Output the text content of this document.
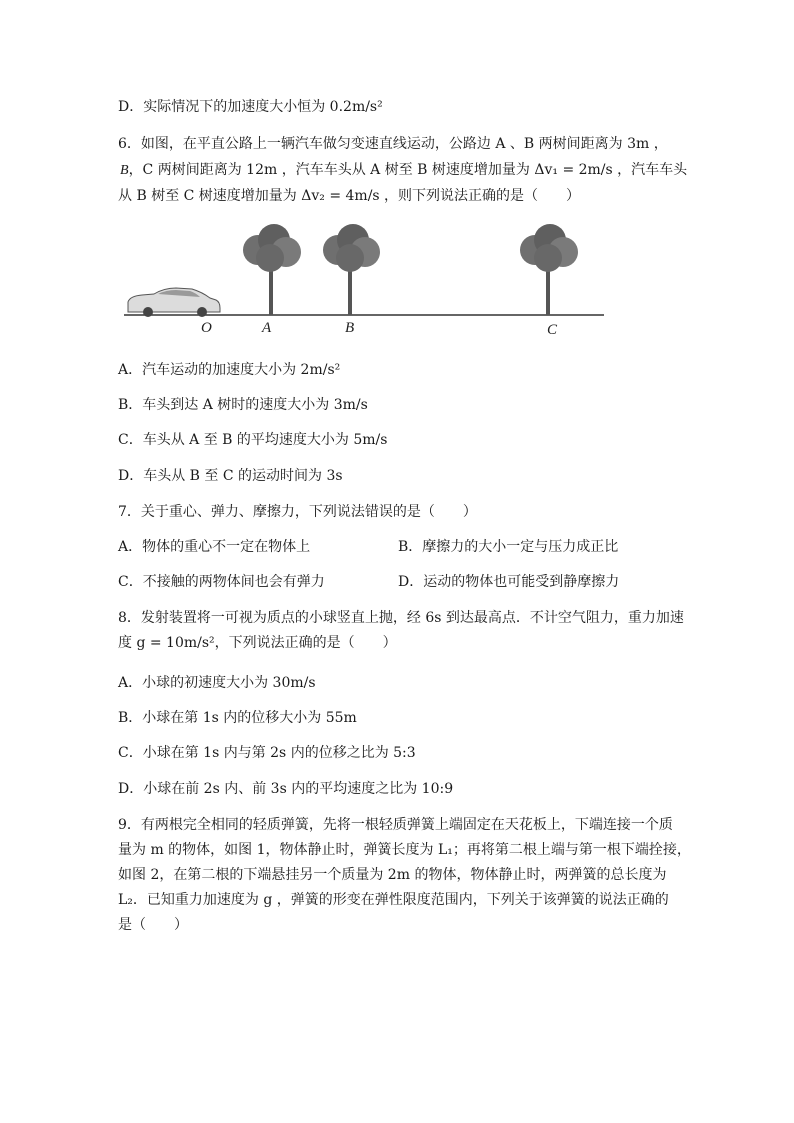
D．实际情况下的加速度大小恒为 0.2m/s²
6．如图，在平直公路上一辆汽车做匀变速直线运动，公路边 A 、B 两树间距离为 3m ，
B，C 两树间距离为 12m ，汽车车头从 A 树至 B 树速度增加量为 Δv₁ = 2m/s ，汽车车头
从 B 树至 C 树速度增加量为 Δv₂ = 4m/s ，则下列说法正确的是（　　）
O	A	B	C
A．汽车运动的加速度大小为 2m/s²
B．车头到达 A 树时的速度大小为 3m/s
C．车头从 A 至 B 的平均速度大小为 5m/s
D．车头从 B 至 C 的运动时间为 3s
7．关于重心、弹力、摩擦力，下列说法错误的是（　　）
A．物体的重心不一定在物体上	B．摩擦力的大小一定与压力成正比
C．不接触的两物体间也会有弹力	D．运动的物体也可能受到静摩擦力
8．发射装置将一可视为质点的小球竖直上抛，经 6s 到达最高点．不计空气阻力，重力加速
度 g = 10m/s²，下列说法正确的是（　　）
A．小球的初速度大小为 30m/s
B．小球在第 1s 内的位移大小为 55m
C．小球在第 1s 内与第 2s 内的位移之比为 5:3
D．小球在前 2s 内、前 3s 内的平均速度之比为 10:9
9．有两根完全相同的轻质弹簧，先将一根轻质弹簧上端固定在天花板上，下端连接一个质
量为 m 的物体，如图 1，物体静止时，弹簧长度为 L₁；再将第二根上端与第一根下端拴接，
如图 2，在第二根的下端悬挂另一个质量为 2m 的物体，物体静止时，两弹簧的总长度为
L₂．已知重力加速度为 g ，弹簧的形变在弹性限度范围内，下列关于该弹簧的说法正确的
是（　　）
